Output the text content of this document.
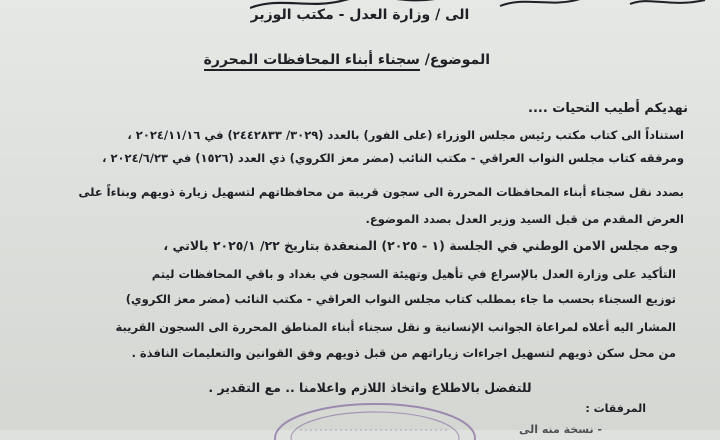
الى / وزارة العدل - مكتب الوزير
الموضوع/ سجناء أبناء المحافظات المحررة
نهديكم أطيب التحيات ....
استناداً الى كتاب مكتب رئيس مجلس الوزراء (على الفور) بالعدد (٣٠٢٩/ ٢٤٤٢٨٣٣) في ٢٠٢٤/١١/١٦ ،
ومرفقه كتاب مجلس النواب العراقي - مكتب النائب (مضر معز الكروي) ذي العدد (١٥٢٦) في ٢٠٢٤/٦/٢٣ ،
بصدد نقل سجناء أبناء المحافظات المحررة الى سجون قريبة من محافظاتهم لتسهيل زيارة ذويهم وبناءاً على
العرض المقدم من قبل السيد وزير العدل بصدد الموضوع.
وجه مجلس الامن الوطني في الجلسة (١ - ٢٠٢٥) المنعقدة بتاريخ ٢٢/ ٢٠٢٥/١ بالاتي ،
التأكيد على وزارة العدل بالإسراع في تأهيل وتهيئة السجون في بغداد و باقي المحافظات ليتم
توزيع السجناء بحسب ما جاء بمطلب كتاب مجلس النواب العراقي - مكتب النائب (مضر معز الكروي)
المشار اليه أعلاه لمراعاة الجوانب الإنسانية و نقل سجناء أبناء المناطق المحررة الى السجون القريبة
من محل سكن ذويهم لتسهيل اجراءات زياراتهم من قبل ذويهم وفق القوانين والتعليمات النافذة .
للتفضل بالاطلاع واتخاذ اللازم واعلامنا .. مع التقدير .
المرفقات :
- نسخة منه الى
